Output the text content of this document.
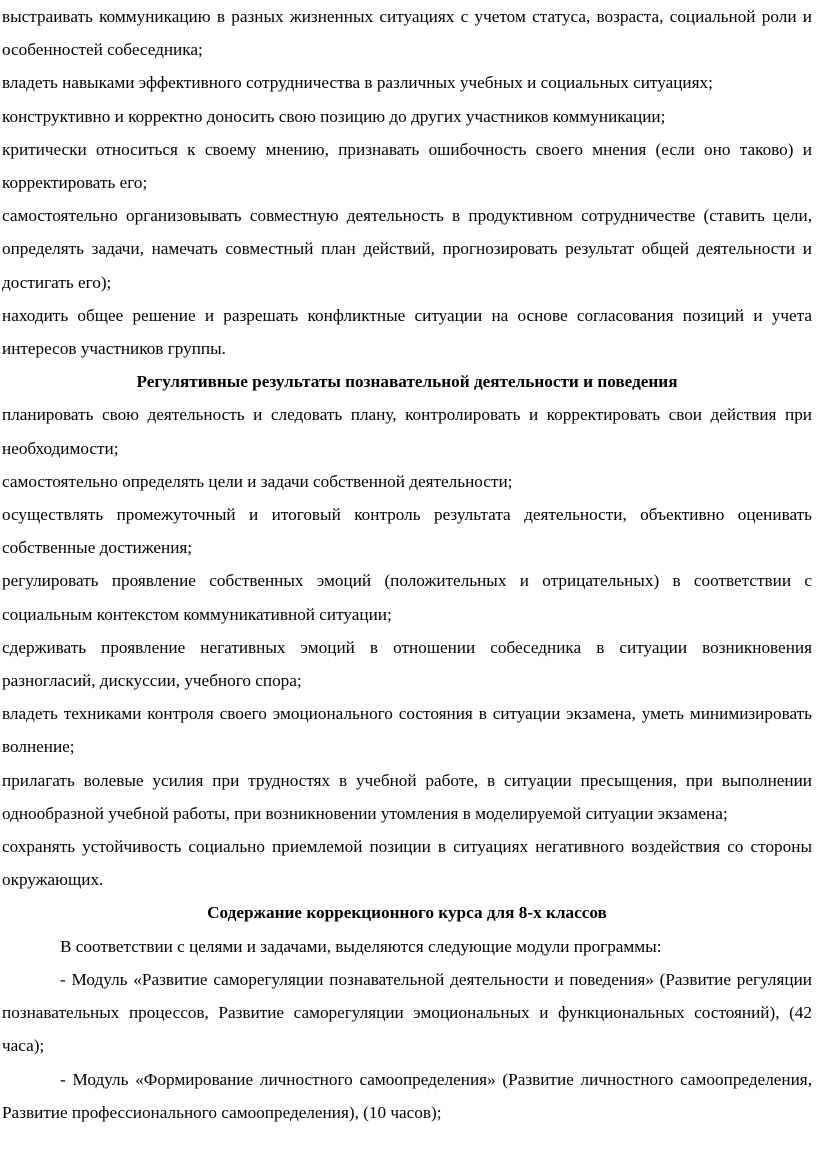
выстраивать коммуникацию в разных жизненных ситуациях с учетом статуса, возраста, социальной роли и особенностей собеседника;

владеть навыками эффективного сотрудничества в различных учебных и социальных ситуациях;

конструктивно и корректно доносить свою позицию до других участников коммуникации;

критически относиться к своему мнению, признавать ошибочность своего мнения (если оно таково) и корректировать его;

самостоятельно организовывать совместную деятельность в продуктивном сотрудничестве (ставить цели, определять задачи, намечать совместный план действий, прогнозировать результат общей деятельности и достигать его);

находить общее решение и разрешать конфликтные ситуации на основе согласования позиций и учета интересов участников группы.

Регулятивные результаты познавательной деятельности и поведения

планировать свою деятельность и следовать плану, контролировать и корректировать свои действия при необходимости;

самостоятельно определять цели и задачи собственной деятельности;

осуществлять промежуточный и итоговый контроль результата деятельности, объективно оценивать собственные достижения;

регулировать проявление собственных эмоций (положительных и отрицательных) в соответствии с социальным контекстом коммуникативной ситуации;

сдерживать проявление негативных эмоций в отношении собеседника в ситуации возникновения разногласий, дискуссии, учебного спора;

владеть техниками контроля своего эмоционального состояния в ситуации экзамена, уметь минимизировать волнение;

прилагать волевые усилия при трудностях в учебной работе, в ситуации пресыщения, при выполнении однообразной учебной работы, при возникновении утомления в моделируемой ситуации экзамена;

сохранять устойчивость социально приемлемой позиции в ситуациях негативного воздействия со стороны окружающих.

Содержание коррекционного курса для 8-х классов

В соответствии с целями и задачами, выделяются следующие модули программы:

- Модуль «Развитие саморегуляции познавательной деятельности и поведения» (Развитие регуляции познавательных процессов, Развитие саморегуляции эмоциональных и функциональных состояний), (42 часа);

- Модуль «Формирование личностного самоопределения» (Развитие личностного самоопределения, Развитие профессионального самоопределения), (10 часов);
